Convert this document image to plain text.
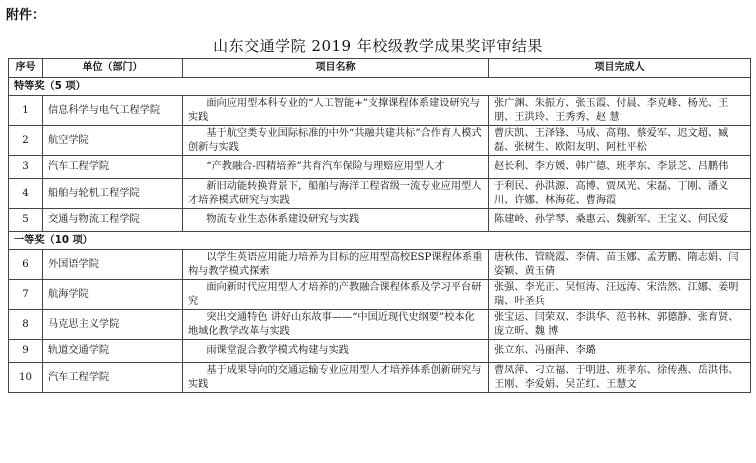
附件：
山东交通学院 2019 年校级教学成果奖评审结果
序号	单位（部门）	项目名称	项目完成人
特等奖（5 项）			
1	信息科学与电气工程学院	面向应用型本科专业的“人工智能+”支撑课程体系建设研究与实践	张广渊、朱振方、张玉霞、付晨、李克峰、杨光、王 朋、王洪玲、王秀秀、赵 慧
2	航空学院	基于航空类专业国际标准的中外“共融共建共标”合作育人模式创新与实践	曹庆凯、王泽锋、马成、高翔、蔡爱军、迟文超、臧磊、张树生、欧阳友明、阿杜平松
3	汽车工程学院	“产教融合-四精培养”共育汽车保险与理赔应用型人才	赵长利、李方媛、韩广德、班孝东、李景芝、吕鹏伟
4	船舶与轮机工程学院	新旧动能转换背景下，船舶与海洋工程省级一流专业应用型人才培养模式研究与实践	于利民、孙洪源、高博、贾凤光、宋磊、丁刚、潘义川、许娜、林海花、曹海霞
5	交通与物流工程学院	物流专业生态体系建设研究与实践	陈建岭、孙学琴、桑惠云、魏新军、王宝义、何民爱
一等奖（10 项）			
6	外国语学院	以学生英语应用能力培养为目标的应用型高校ESP课程体系重构与教学模式探索	唐秋伟、管晓霞、李倩、苗玉娜、孟芳鹏、隋志娟、闫姿颖、黄玉倩
7	航海学院	面向新时代应用型人才培养的产教融合课程体系及学习平台研究	张强、李光正、吴恒涛、汪远涛、宋浩然、江娜、姜明瑞、叶圣兵
8	马克思主义学院	突出交通特色 讲好山东故事——“中国近现代史纲要”校本化地域化教学改革与实践	张宝运、闫荣双、李洪华、范书林、郭德静、张育贤、庞立昕、魏 博
9	轨道交通学院	雨课堂混合教学模式构建与实践	张立东、冯丽萍、李璐
10	汽车工程学院	基于成果导向的交通运输专业应用型人才培养体系创新研究与实践	曹凤萍、刁立福、于明进、班孝东、徐传燕、岳洪伟、王刚、李爱娟、吴芷红、王慧文
